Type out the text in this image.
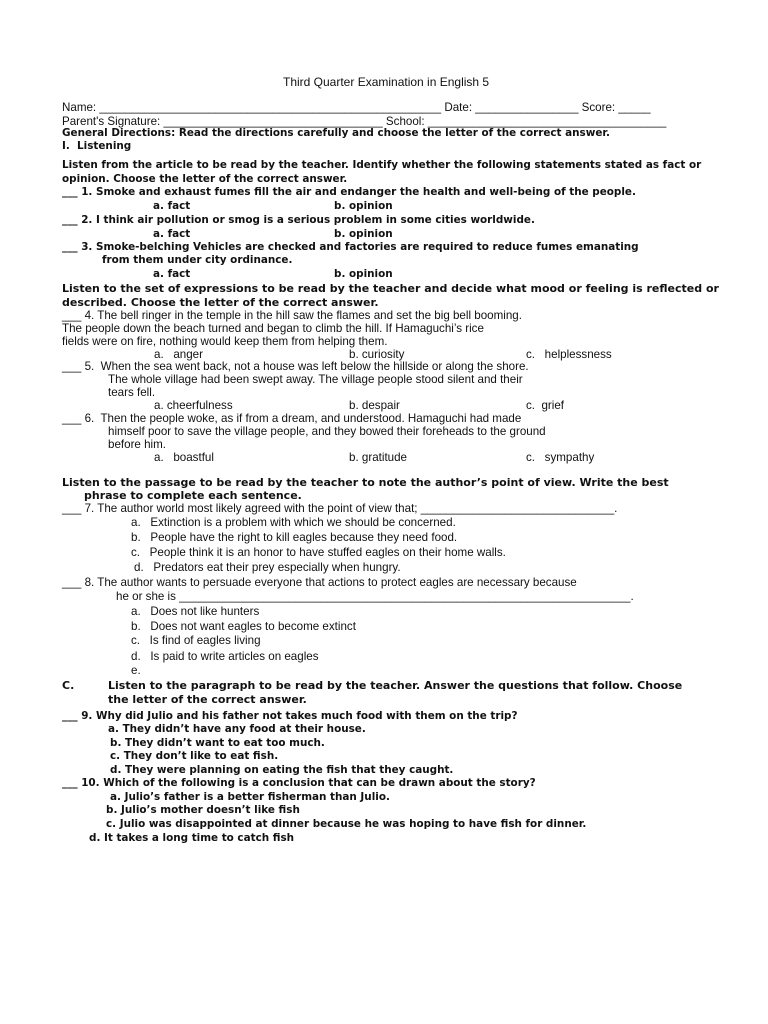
Third Quarter Examination in English 5
Name: _____________________________________________________ Date: ________________ Score: _____
Parent's Signature: __________________________________ School: _____________________________________
General Directions: Read the directions carefully and choose the letter of the correct answer.
I.  Listening
Listen from the article to be read by the teacher. Identify whether the following statements stated as fact or
opinion. Choose the letter of the correct answer.
___ 1. Smoke and exhaust fumes fill the air and endanger the health and well-being of the people.
a. fact	b. opinion
___ 2. I think air pollution or smog is a serious problem in some cities worldwide.
a. fact	b. opinion
___ 3. Smoke-belching Vehicles are checked and factories are required to reduce fumes emanating
from them under city ordinance.
a. fact	b. opinion
Listen to the set of expressions to be read by the teacher and decide what mood or feeling is reflected or
described. Choose the letter of the correct answer.
___ 4. The bell ringer in the temple in the hill saw the flames and set the big bell booming.
The people down the beach turned and began to climb the hill. If Hamaguchi’s rice
fields were on fire, nothing would keep them from helping them.
a.   anger	b. curiosity	c.   helplessness
___ 5.  When the sea went back, not a house was left below the hillside or along the shore.
The whole village had been swept away. The village people stood silent and their
tears fell.
a. cheerfulness	b. despair	c.  grief
___ 6.  Then the people woke, as if from a dream, and understood. Hamaguchi had made
himself poor to save the village people, and they bowed their foreheads to the ground
before him.
a.   boastful	b. gratitude	c.   sympathy
Listen to the passage to be read by the teacher to note the author’s point of view. Write the best
phrase to complete each sentence.
___ 7. The author world most likely agreed with the point of view that; ______________________________.
a.   Extinction is a problem with which we should be concerned.
b.   People have the right to kill eagles because they need food.
c.   People think it is an honor to have stuffed eagles on their home walls.
d.   Predators eat their prey especially when hungry.
___ 8. The author wants to persuade everyone that actions to protect eagles are necessary because
he or she is ______________________________________________________________________.
a.   Does not like hunters
b.   Does not want eagles to become extinct
c.   Is find of eagles living
d.   Is paid to write articles on eagles
e.
C.	Listen to the paragraph to be read by the teacher. Answer the questions that follow. Choose
the letter of the correct answer.
___ 9. Why did Julio and his father not takes much food with them on the trip?
a. They didn’t have any food at their house.
b. They didn’t want to eat too much.
c. They don’t like to eat fish.
d. They were planning on eating the fish that they caught.
___ 10. Which of the following is a conclusion that can be drawn about the story?
a. Julio’s father is a better fisherman than Julio.
b. Julio’s mother doesn’t like fish
c. Julio was disappointed at dinner because he was hoping to have fish for dinner.
d. It takes a long time to catch fish
